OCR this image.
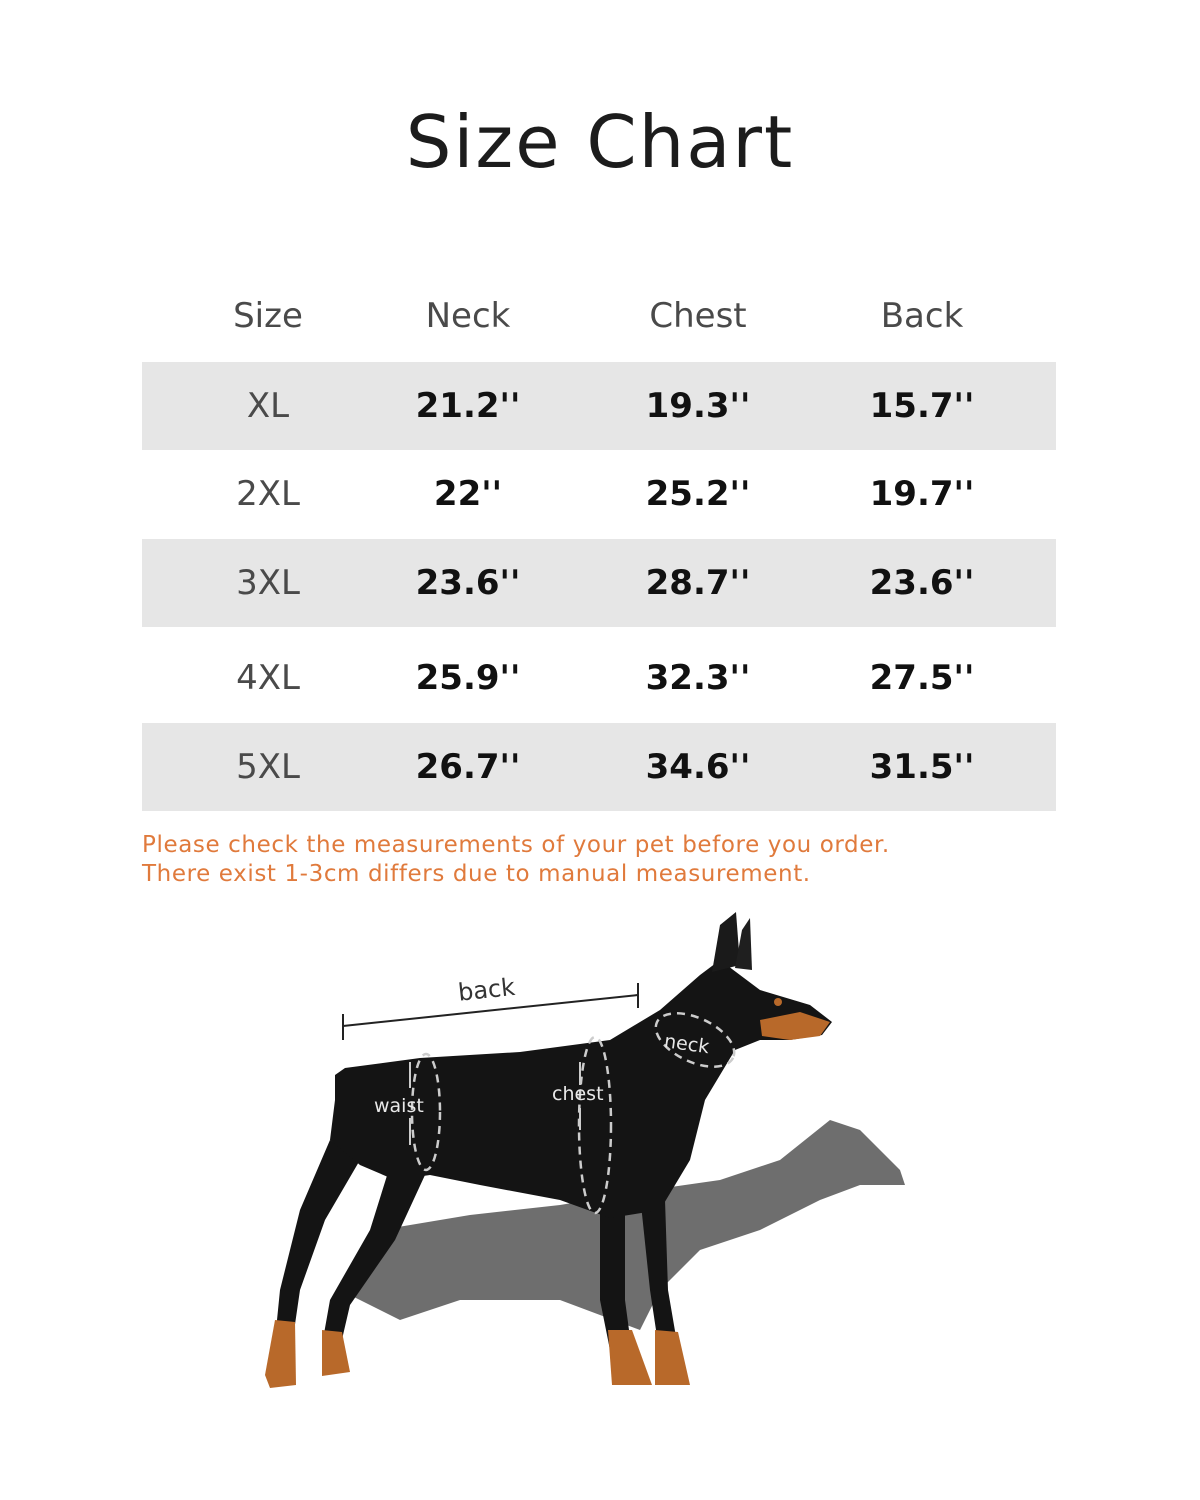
Size Chart
Size	Neck	Chest	Back
XL	21.2''	19.3''	15.7''
2XL	22''	25.2''	19.7''
3XL	23.6''	28.7''	23.6''
4XL	25.9''	32.3''	27.5''
5XL	26.7''	34.6''	31.5''
Please check the measurements of your pet before you order.
There exist 1-3cm differs due to manual measurement.
back
waist
chest
neck
